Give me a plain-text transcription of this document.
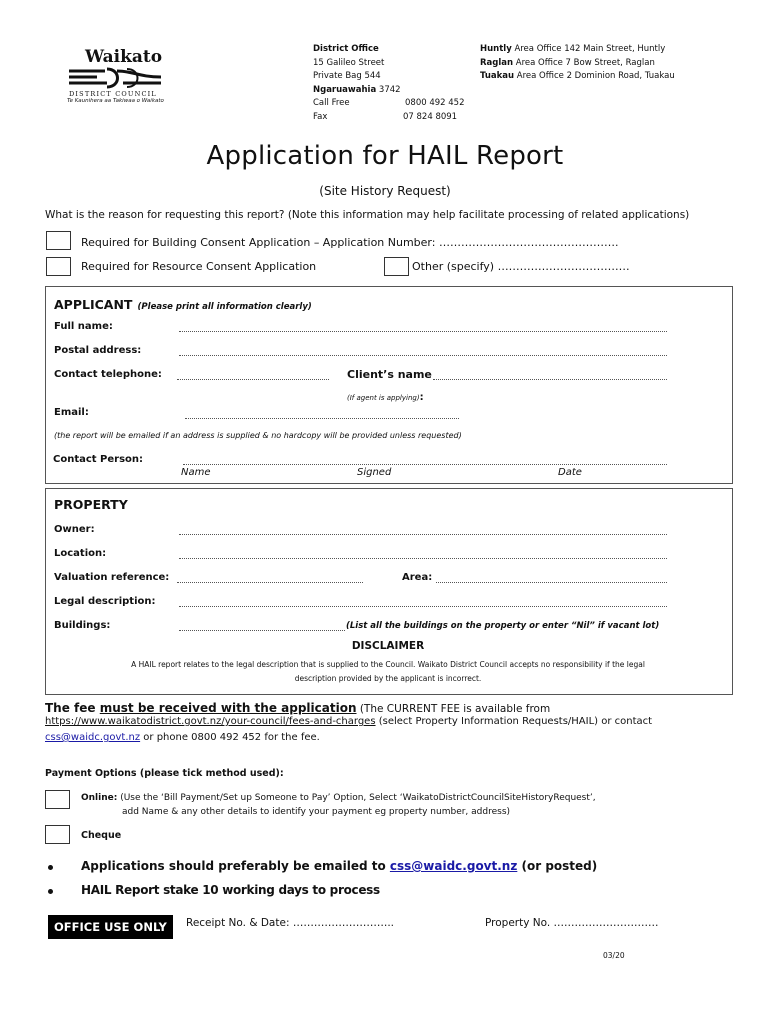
Waikato
DISTRICT COUNCIL
Te Kaunihera aa Takiwaa o Waikato
District Office
15 Galileo Street
Private Bag 544
Ngaruawahia 3742
Call Free	0800 492 452
Fax	07 824 8091
Huntly Area Office 142 Main Street, Huntly
Raglan Area Office 7 Bow Street, Raglan
Tuakau Area Office 2 Dominion Road, Tuakau
Application for HAIL Report
(Site History Request)
What is the reason for requesting this report? (Note this information may help facilitate processing of related applications)
Required for Building Consent Application – Application Number: ………………………………………….
Required for Resource Consent Application	Other (specify) ………………………………
APPLICANT (Please print all information clearly)
Full name:
Postal address:
Contact telephone:	Client’s name
(If agent is applying):
Email:
(the report will be emailed if an address is supplied & no hardcopy will be provided unless requested)
Contact Person:
Name	Signed	Date
PROPERTY
Owner:
Location:
Valuation reference:	Area:
Legal description:
Buildings:	(List all the buildings on the property or enter “Nil” if vacant lot)
DISCLAIMER
A HAIL report relates to the legal description that is supplied to the Council. Waikato District Council accepts no responsibility if the legal
description provided by the applicant is incorrect.
The fee must be received with the application (The CURRENT FEE is available from
https://www.waikatodistrict.govt.nz/your-council/fees-and-charges (select Property Information Requests/HAIL) or contact
css@waidc.govt.nz or phone 0800 492 452 for the fee.
Payment Options (please tick method used):
Online: (Use the ‘Bill Payment/Set up Someone to Pay’ Option, Select ‘WaikatoDistrictCouncilSiteHistoryRequest’,
add Name & any other details to identify your payment eg property number, address)
Cheque
Applications should preferably be emailed to css@waidc.govt.nz (or posted)
HAIL Report stake 10 working days to process
OFFICE USE ONLY	Receipt No. & Date: ………………………..	Property No. …………………………
03/20
